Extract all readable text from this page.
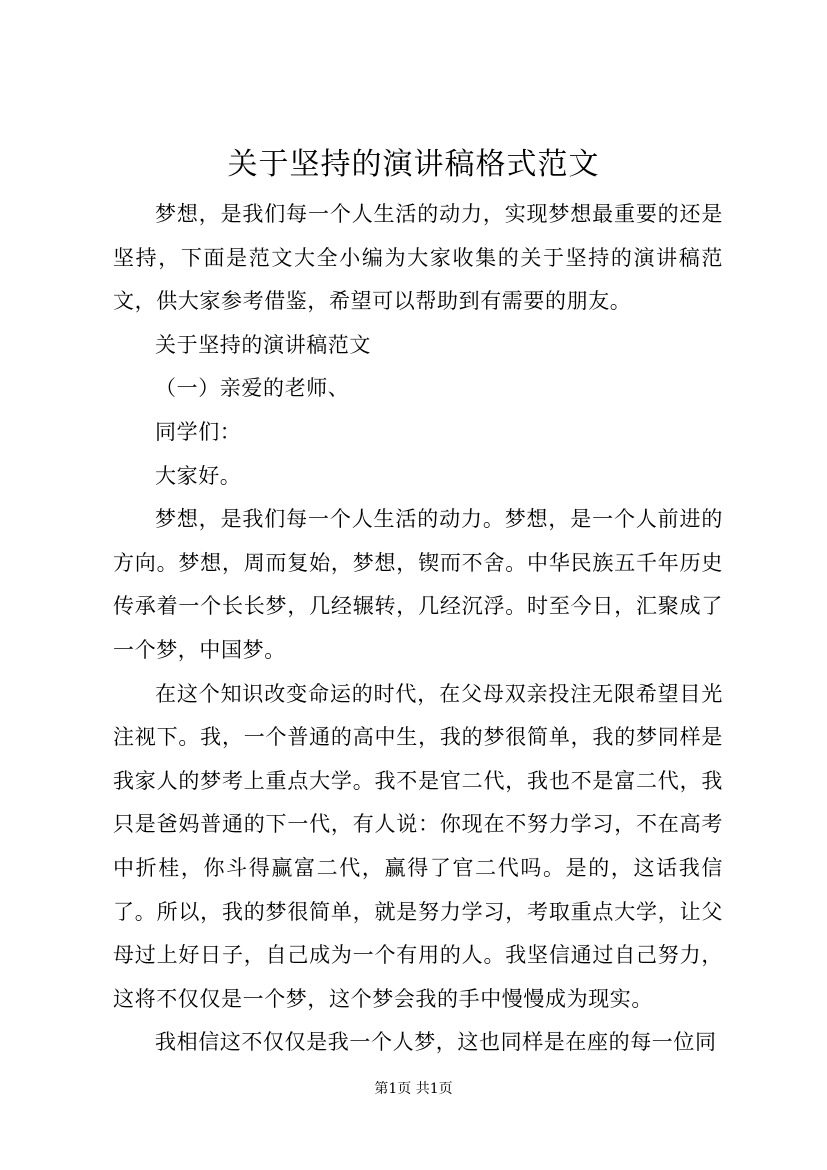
关于坚持的演讲稿格式范文

梦想，是我们每一个人生活的动力，实现梦想最重要的还是坚持，下面是范文大全小编为大家收集的关于坚持的演讲稿范文，供大家参考借鉴，希望可以帮助到有需要的朋友。

关于坚持的演讲稿范文

（一）亲爱的老师、

同学们：

大家好。

梦想，是我们每一个人生活的动力。梦想，是一个人前进的方向。梦想，周而复始，梦想，锲而不舍。中华民族五千年历史传承着一个长长梦，几经辗转，几经沉浮。时至今日，汇聚成了一个梦，中国梦。

在这个知识改变命运的时代，在父母双亲投注无限希望目光注视下。我，一个普通的高中生，我的梦很简单，我的梦同样是我家人的梦考上重点大学。我不是官二代，我也不是富二代，我只是爸妈普通的下一代，有人说：你现在不努力学习，不在高考中折桂，你斗得赢富二代，赢得了官二代吗。是的，这话我信了。所以，我的梦很简单，就是努力学习，考取重点大学，让父母过上好日子，自己成为一个有用的人。我坚信通过自己努力，这将不仅仅是一个梦，这个梦会我的手中慢慢成为现实。

我相信这不仅仅是我一个人梦，这也同样是在座的每一位同

第1页 共1页
